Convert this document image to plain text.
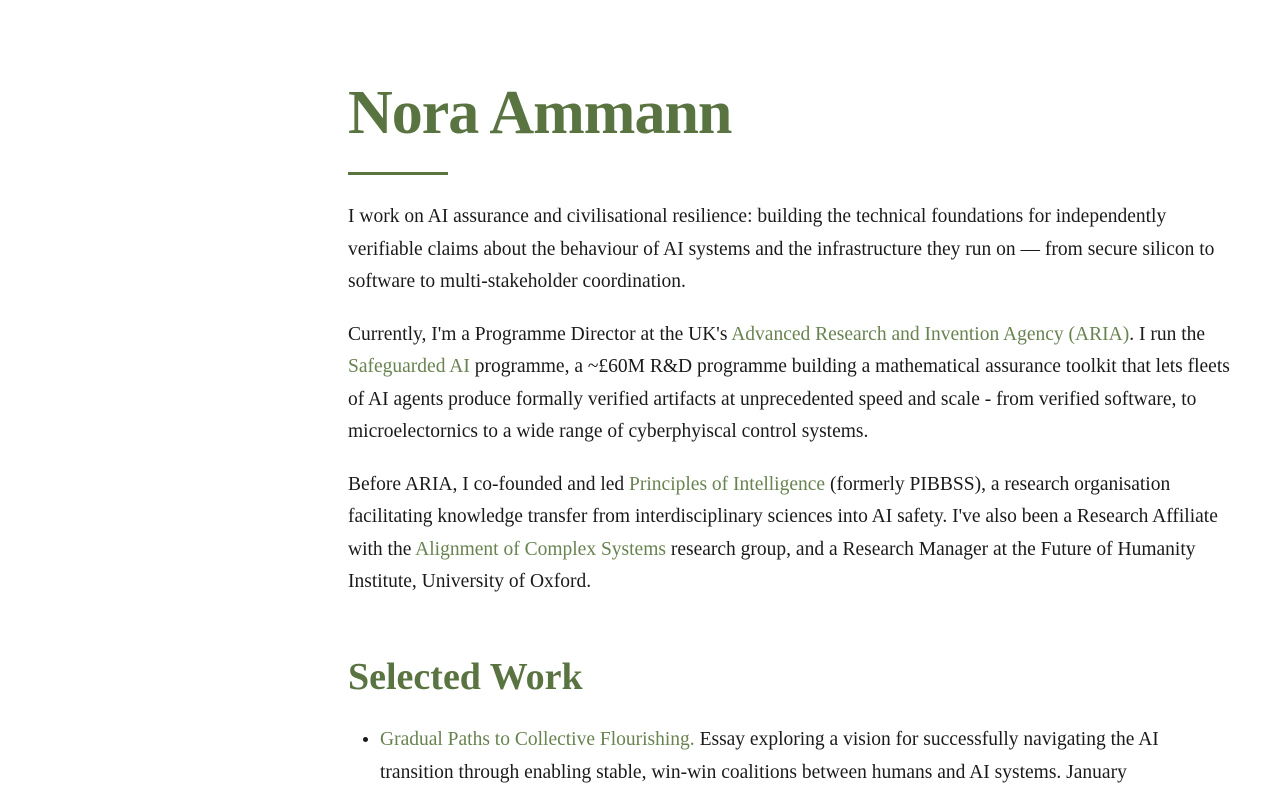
Nora Ammann

I work on AI assurance and civilisational resilience: building the technical foundations for independently verifiable claims about the behaviour of AI systems and the infrastructure they run on — from secure silicon to software to multi-stakeholder coordination.

Currently, I'm a Programme Director at the UK's Advanced Research and Invention Agency (ARIA). I run the Safeguarded AI programme, a ~£60M R&D programme building a mathematical assurance toolkit that lets fleets of AI agents produce formally verified artifacts at unprecedented speed and scale - from verified software, to microelectornics to a wide range of cyberphyiscal control systems.

Before ARIA, I co-founded and led Principles of Intelligence (formerly PIBBSS), a research organisation facilitating knowledge transfer from interdisciplinary sciences into AI safety. I've also been a Research Affiliate with the Alignment of Complex Systems research group, and a Research Manager at the Future of Humanity Institute, University of Oxford.

Selected Work
• Gradual Paths to Collective Flourishing. Essay exploring a vision for successfully navigating the AI transition through enabling stable, win-win coalitions between humans and AI systems. January
